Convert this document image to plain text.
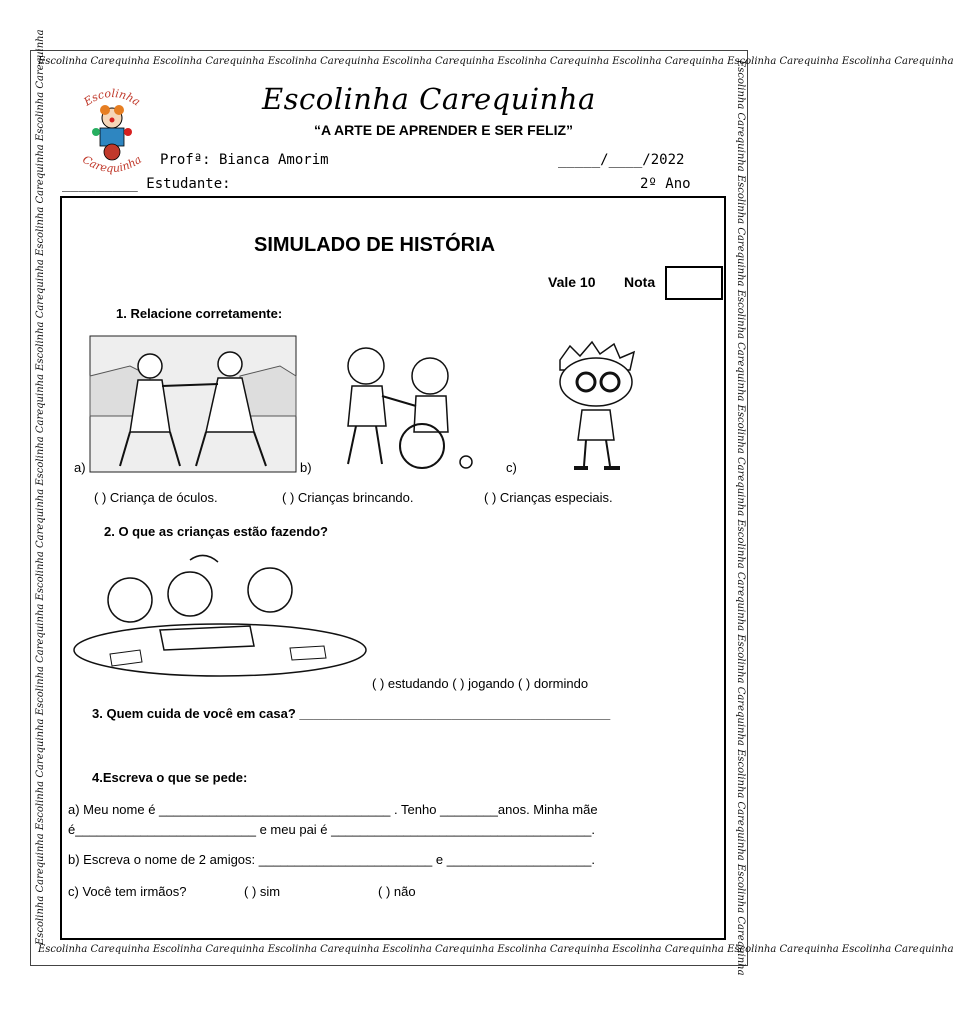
Escolinha Carequinha Escolinha Carequinha Escolinha Carequinha Escolinha Carequinha Escolinha Carequinha Escolinha Carequinha Escolinha Carequinha Escolinha Carequinha
Escolinha Carequinha Escolinha Carequinha Escolinha Carequinha Escolinha Carequinha Escolinha Carequinha Escolinha Carequinha Escolinha Carequinha Escolinha Carequinha
Escolinha Carequinha Escolinha Carequinha Escolinha Carequinha Escolinha Carequinha Escolinha Carequinha Escolinha Carequinha Escolinha Carequinha Escolinha Carequinha	Escolinha Carequinha Escolinha Carequinha Escolinha Carequinha Escolinha Carequinha Escolinha Carequinha Escolinha Carequinha Escolinha Carequinha Escolinha Carequinha
Escolinha
Carequinha
Escolinha Carequinha
“A ARTE DE APRENDER E SER FELIZ”
Profª: Bianca Amorim	_____/____/2022
_________ Estudante:	2º Ano
SIMULADO DE HISTÓRIA
Vale 10 Nota
1. Relacione corretamente:
a)	b)	c)
( ) Criança de óculos.	( ) Crianças brincando.	( ) Crianças especiais.
2. O que as crianças estão fazendo?
( ) estudando ( ) jogando ( ) dormindo
3. Quem cuida de você em casa? ___________________________________________
4.Escreva o que se pede:
a) Meu nome é ________________________________ . Tenho ________anos. Minha mãe
é_________________________ e meu pai é ____________________________________.
b) Escreva o nome de 2 amigos: ________________________ e ____________________.
c) Você tem irmãos?	( ) sim	( ) não
